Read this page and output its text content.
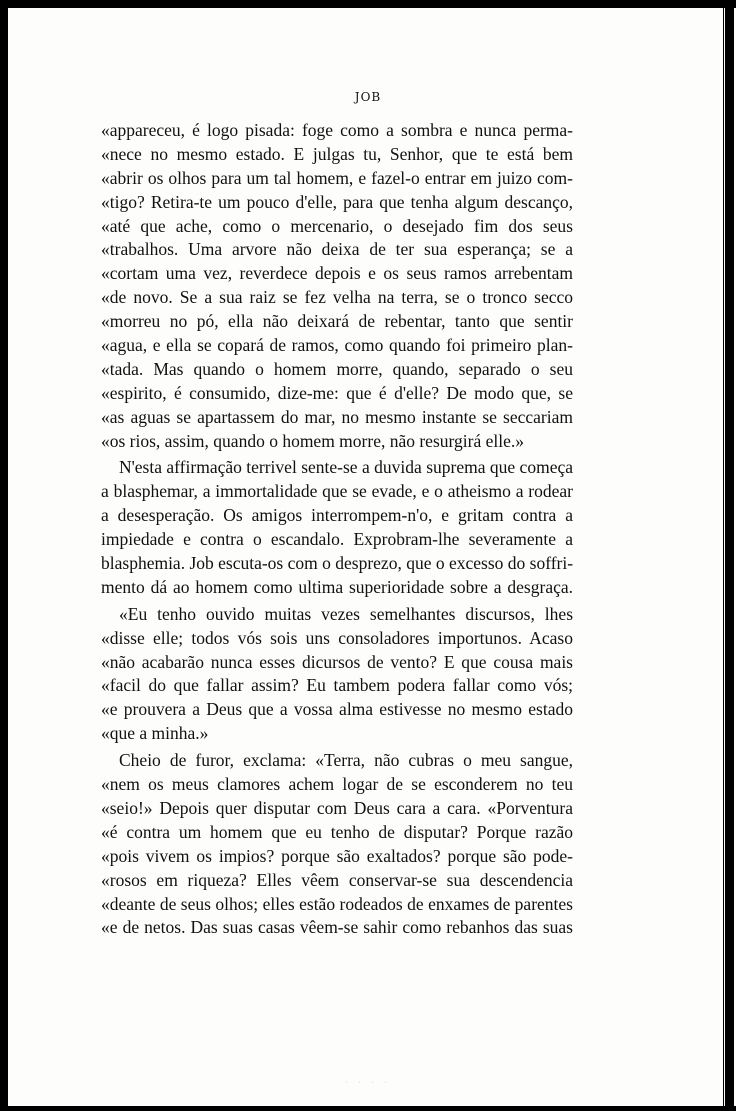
JOB
«appareceu, é logo pisada: foge como a sombra e nunca perma-
«nece no mesmo estado. E julgas tu, Senhor, que te está bem
«abrir os olhos para um tal homem, e fazel-o entrar em juizo com-
«tigo? Retira-te um pouco d'elle, para que tenha algum descanço,
«até que ache, como o mercenario, o desejado fim dos seus
«trabalhos. Uma arvore não deixa de ter sua esperança; se a
«cortam uma vez, reverdece depois e os seus ramos arrebentam
«de novo. Se a sua raiz se fez velha na terra, se o tronco secco
«morreu no pó, ella não deixará de rebentar, tanto que sentir
«agua, e ella se copará de ramos, como quando foi primeiro plan-
«tada. Mas quando o homem morre, quando, separado o seu
«espirito, é consumido, dize-me: que é d'elle? De modo que, se
«as aguas se apartassem do mar, no mesmo instante se seccariam
«os rios, assim, quando o homem morre, não resurgirá elle.»
N'esta affirmação terrivel sente-se a duvida suprema que começa
a blasphemar, a immortalidade que se evade, e o atheismo a rodear
a desesperação. Os amigos interrompem-n'o, e gritam contra a
impiedade e contra o escandalo. Exprobram-lhe severamente a
blasphemia. Job escuta-os com o desprezo, que o excesso do soffri-
mento dá ao homem como ultima superioridade sobre a desgraça.
«Eu tenho ouvido muitas vezes semelhantes discursos, lhes
«disse elle; todos vós sois uns consoladores importunos. Acaso
«não acabarão nunca esses dicursos de vento? E que cousa mais
«facil do que fallar assim? Eu tambem podera fallar como vós;
«e prouvera a Deus que a vossa alma estivesse no mesmo estado
«que a minha.»
Cheio de furor, exclama: «Terra, não cubras o meu sangue,
«nem os meus clamores achem logar de se esconderem no teu
«seio!» Depois quer disputar com Deus cara a cara. «Porventura
«é contra um homem que eu tenho de disputar? Porque razão
«pois vivem os impios? porque são exaltados? porque são pode-
«rosos em riqueza? Elles vêem conservar-se sua descendencia
«deante de seus olhos; elles estão rodeados de enxames de parentes
«e de netos. Das suas casas vêem-se sahir como rebanhos das suas
· · · ·
